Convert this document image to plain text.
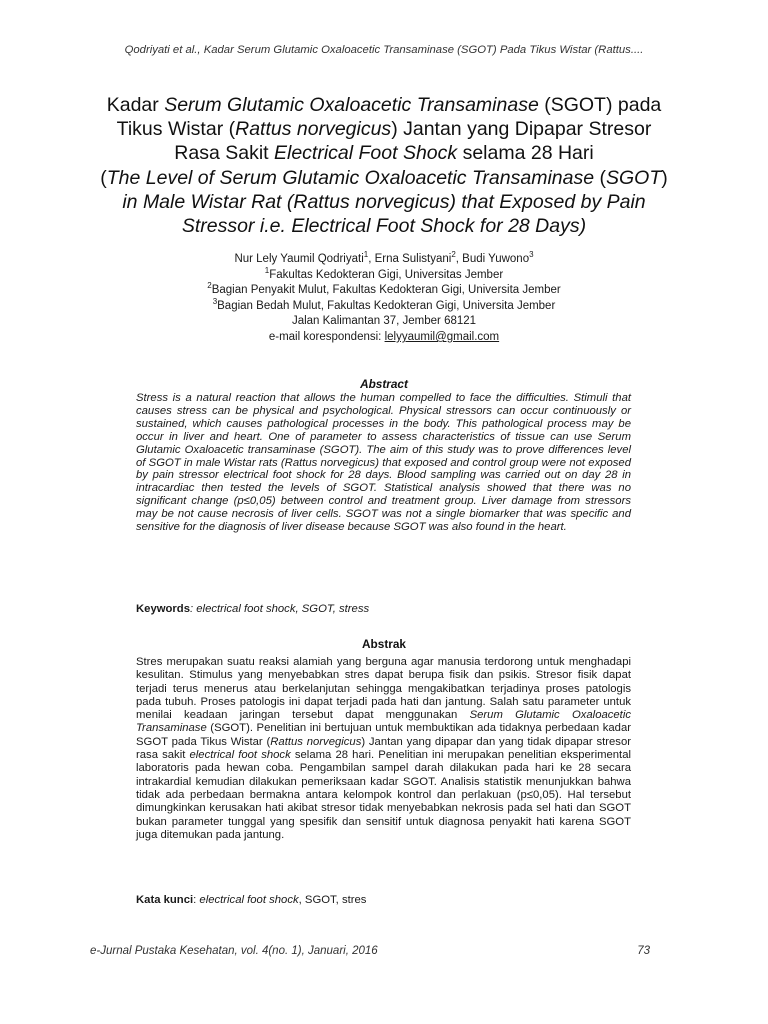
Qodriyati et al., Kadar Serum Glutamic Oxaloacetic Transaminase (SGOT) Pada Tikus Wistar (Rattus....

Kadar Serum Glutamic Oxaloacetic Transaminase (SGOT) pada

Tikus Wistar (Rattus norvegicus) Jantan yang Dipapar Stresor

Rasa Sakit Electrical Foot Shock selama 28 Hari

(The Level of Serum Glutamic Oxaloacetic Transaminase (SGOT)

in Male Wistar Rat (Rattus norvegicus) that Exposed by Pain

Stressor i.e. Electrical Foot Shock for 28 Days)

Nur Lely Yaumil Qodriyati$^1$, Erna Sulistyani$^2$, Budi Yuwono$^3$

$^1$Fakultas Kedokteran Gigi, Universitas Jember

$^2$Bagian Penyakit Mulut, Fakultas Kedokteran Gigi, Universita Jember

$^3$Bagian Bedah Mulut, Fakultas Kedokteran Gigi, Universita Jember

Jalan Kalimantan 37, Jember 68121

e-mail korespondensi: lelyyaumil@gmail.com

Abstract

Stress is a natural reaction that allows the human compelled to face the difficulties. Stimuli that causes stress can be physical and psychological. Physical stressors can occur continuously or sustained, which causes pathological processes in the body. This pathological process may be occur in liver and heart. One of parameter to assess characteristics of tissue can use Serum Glutamic Oxaloacetic transaminase (SGOT). The aim of this study was to prove differences level of SGOT in male Wistar rats (Rattus norvegicus) that exposed and control group were not exposed by pain stressor electrical foot shock for 28 days. Blood sampling was carried out on day 28 in intracardiac then tested the levels of SGOT. Statistical analysis showed that there was no significant change (p≤0,05) between control and treatment group. Liver damage from stressors may be not cause necrosis of liver cells. SGOT was not a single biomarker that was specific and sensitive for the diagnosis of liver disease because SGOT was also found in the heart.

Keywords: electrical foot shock, SGOT, stress
Abstrak

Stres merupakan suatu reaksi alamiah yang berguna agar manusia terdorong untuk menghadapi kesulitan. Stimulus yang menyebabkan stres dapat berupa fisik dan psikis. Stresor fisik dapat terjadi terus menerus atau berkelanjutan sehingga mengakibatkan terjadinya proses patologis pada tubuh. Proses patologis ini dapat terjadi pada hati dan jantung. Salah satu parameter untuk menilai keadaan jaringan tersebut dapat menggunakan Serum Glutamic Oxaloacetic Transaminase (SGOT). Penelitian ini bertujuan untuk membuktikan ada tidaknya perbedaan kadar SGOT pada Tikus Wistar (Rattus norvegicus) Jantan yang dipapar dan yang tidak dipapar stresor rasa sakit electrical foot shock selama 28 hari. Penelitian ini merupakan penelitian eksperimental laboratoris pada hewan coba. Pengambilan sampel darah dilakukan pada hari ke 28 secara intrakardial kemudian dilakukan pemeriksaan kadar SGOT. Analisis statistik menunjukkan bahwa tidak ada perbedaan bermakna antara kelompok kontrol dan perlakuan (p≤0,05). Hal tersebut dimungkinkan kerusakan hati akibat stresor tidak menyebabkan nekrosis pada sel hati dan SGOT bukan parameter tunggal yang spesifik dan sensitif untuk diagnosa penyakit hati karena SGOT juga ditemukan pada jantung.

Kata kunci: electrical foot shock, SGOT, stres
e-Jurnal Pustaka Kesehatan, vol. 4(no. 1), Januari, 2016	73
